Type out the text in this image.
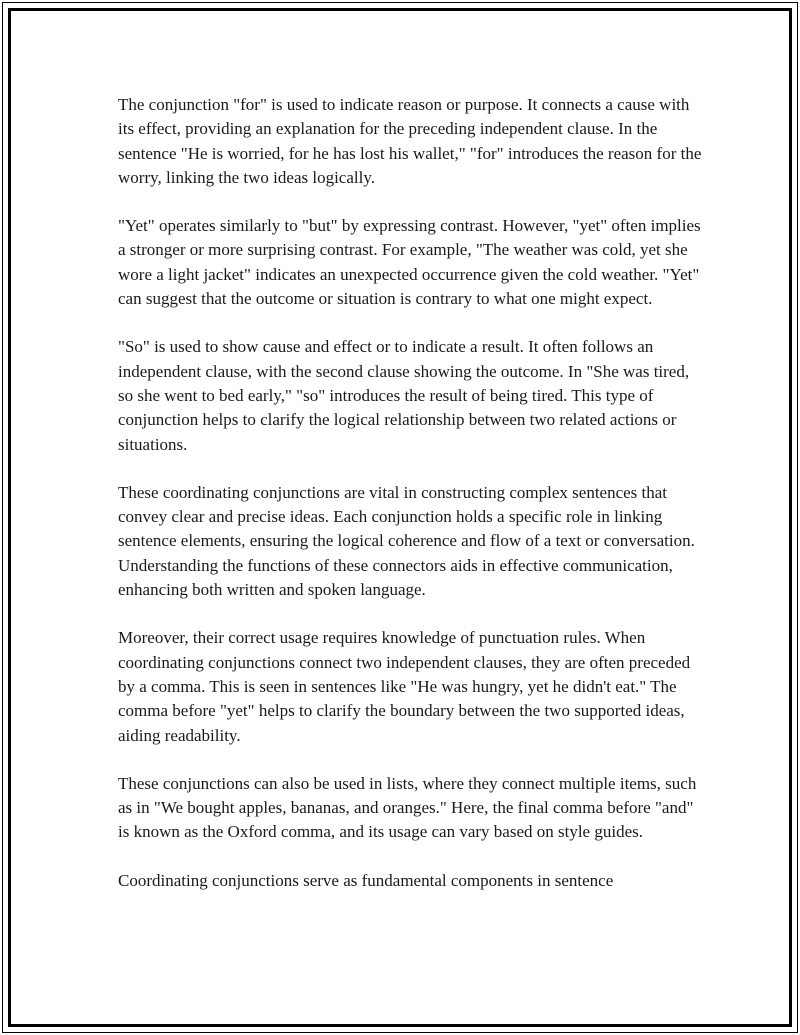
The conjunction "for" is used to indicate reason or purpose. It connects a cause with its effect, providing an explanation for the preceding independent clause. In the sentence "He is worried, for he has lost his wallet," "for" introduces the reason for the worry, linking the two ideas logically.

"Yet" operates similarly to "but" by expressing contrast. However, "yet" often implies a stronger or more surprising contrast. For example, "The weather was cold, yet she wore a light jacket" indicates an unexpected occurrence given the cold weather. "Yet" can suggest that the outcome or situation is contrary to what one might expect.

"So" is used to show cause and effect or to indicate a result. It often follows an independent clause, with the second clause showing the outcome. In "She was tired, so she went to bed early," "so" introduces the result of being tired. This type of conjunction helps to clarify the logical relationship between two related actions or situations.

These coordinating conjunctions are vital in constructing complex sentences that convey clear and precise ideas. Each conjunction holds a specific role in linking sentence elements, ensuring the logical coherence and flow of a text or conversation. Understanding the functions of these connectors aids in effective communication, enhancing both written and spoken language.

Moreover, their correct usage requires knowledge of punctuation rules. When coordinating conjunctions connect two independent clauses, they are often preceded by a comma. This is seen in sentences like "He was hungry, yet he didn't eat." The comma before "yet" helps to clarify the boundary between the two supported ideas, aiding readability.

These conjunctions can also be used in lists, where they connect multiple items, such as in "We bought apples, bananas, and oranges." Here, the final comma before "and" is known as the Oxford comma, and its usage can vary based on style guides.

Coordinating conjunctions serve as fundamental components in sentence
